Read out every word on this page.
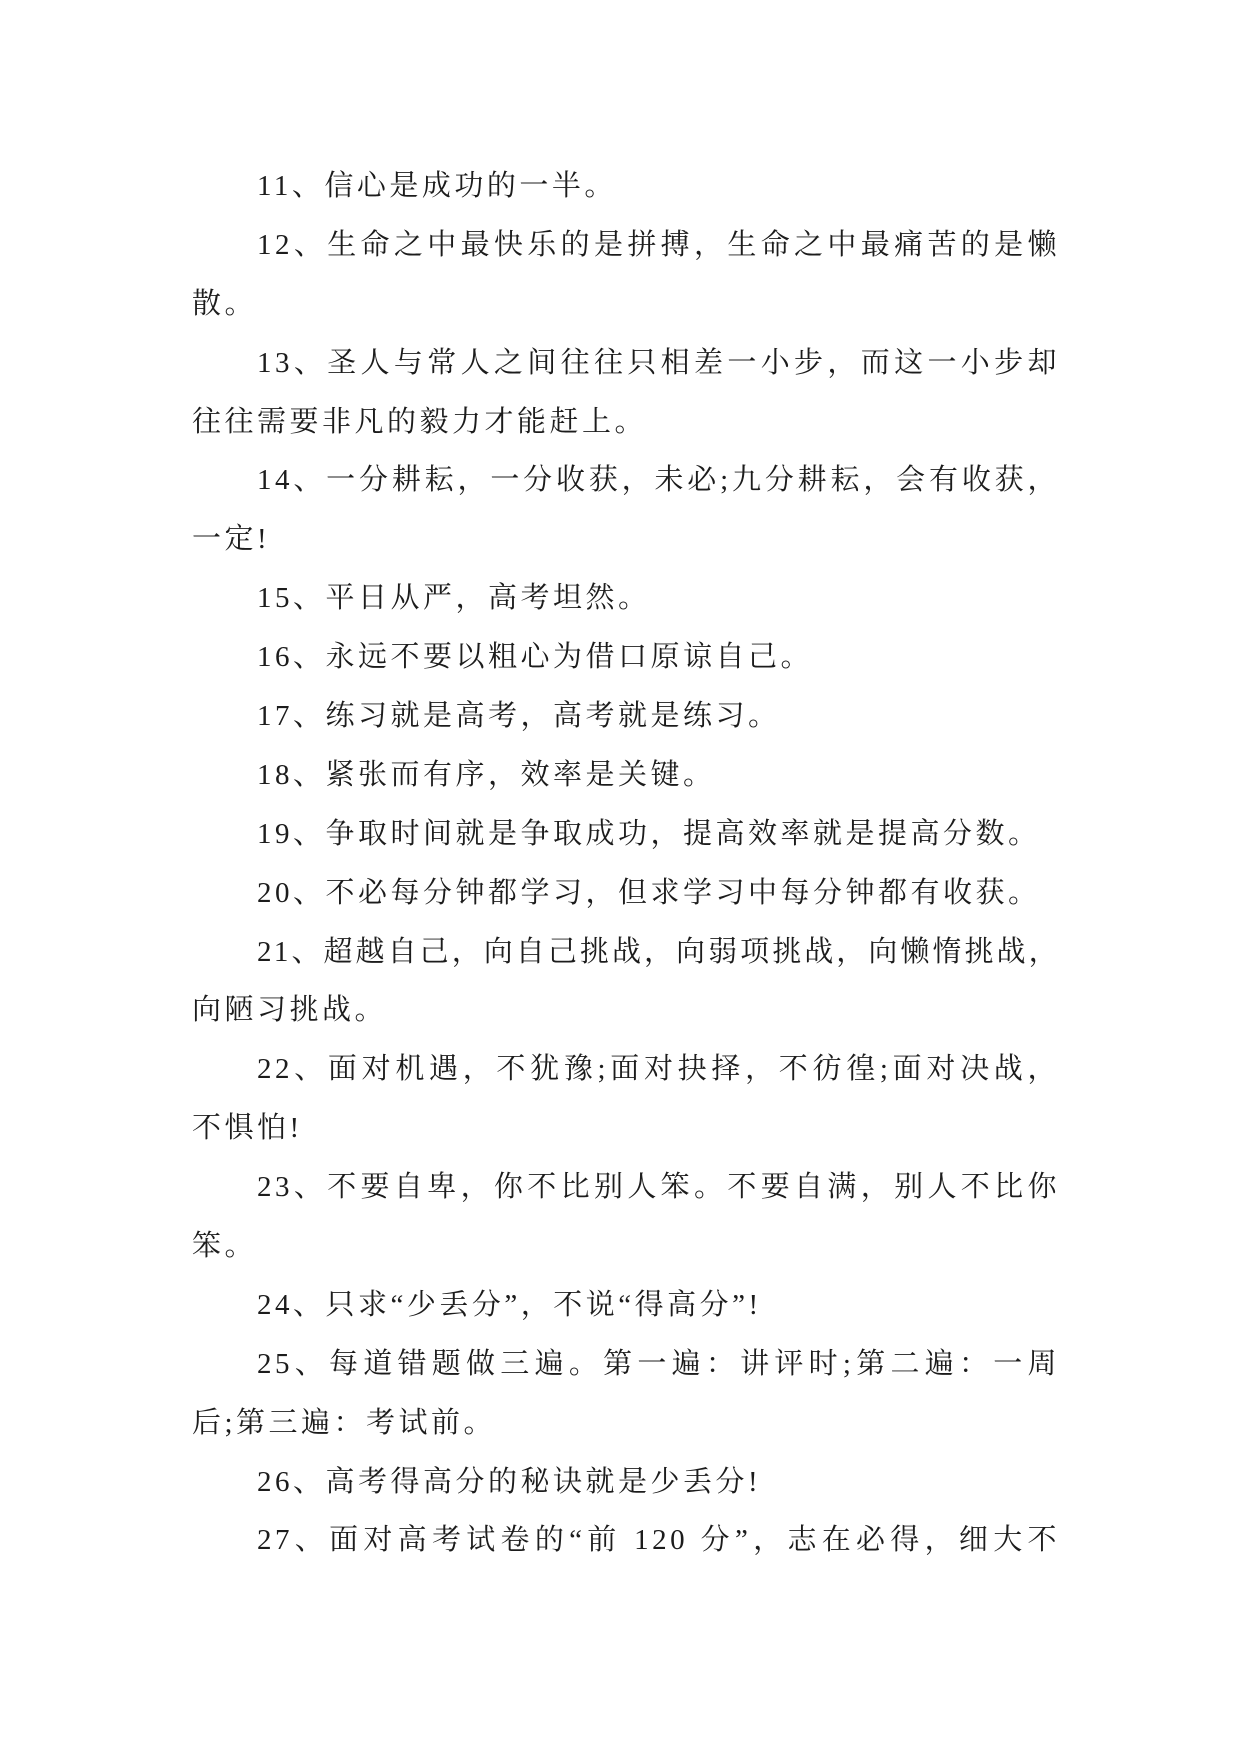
11、信心是成功的一半。
12、生命之中最快乐的是拼搏，生命之中最痛苦的是懒
散。
13、圣人与常人之间往往只相差一小步，而这一小步却
往往需要非凡的毅力才能赶上。
14、一分耕耘，一分收获，未必;九分耕耘，会有收获，
一定!
15、平日从严，高考坦然。
16、永远不要以粗心为借口原谅自己。
17、练习就是高考，高考就是练习。
18、紧张而有序，效率是关键。
19、争取时间就是争取成功，提高效率就是提高分数。
20、不必每分钟都学习，但求学习中每分钟都有收获。
21、超越自己，向自己挑战，向弱项挑战，向懒惰挑战，
向陋习挑战。
22、面对机遇，不犹豫;面对抉择，不彷徨;面对决战，
不惧怕!
23、不要自卑，你不比别人笨。不要自满，别人不比你
笨。
24、只求“少丢分”，不说“得高分”!
25、每道错题做三遍。第一遍：讲评时;第二遍：一周
后;第三遍：考试前。
26、高考得高分的秘诀就是少丢分!
27、面对高考试卷的“前 120 分”，志在必得，细大不
